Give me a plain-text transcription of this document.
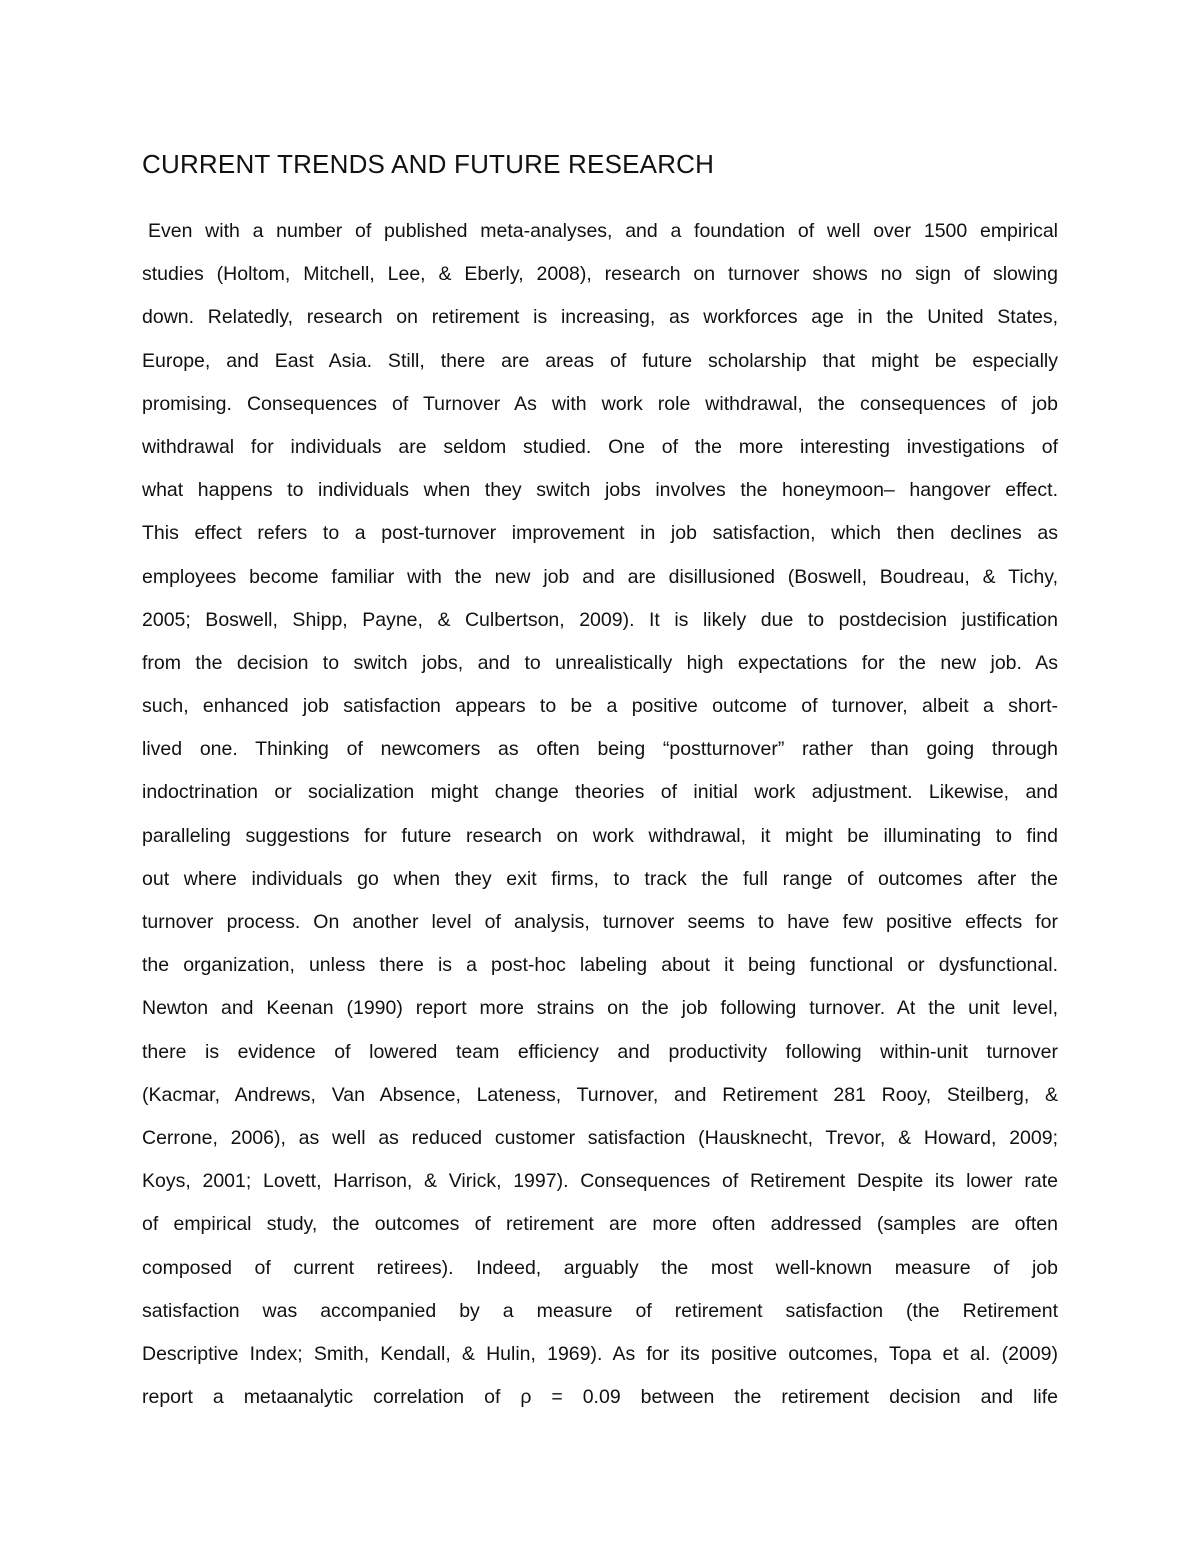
CURRENT TRENDS AND FUTURE RESEARCH
Even with a number of published meta-analyses, and a foundation of well over 1500 empirical
studies (Holtom, Mitchell, Lee, & Eberly, 2008), research on turnover shows no sign of slowing
down. Relatedly, research on retirement is increasing, as workforces age in the United States,
Europe, and East Asia. Still, there are areas of future scholarship that might be especially
promising. Consequences of Turnover As with work role withdrawal, the consequences of job
withdrawal for individuals are seldom studied. One of the more interesting investigations of
what happens to individuals when they switch jobs involves the honeymoon– hangover effect.
This effect refers to a post-turnover improvement in job satisfaction, which then declines as
employees become familiar with the new job and are disillusioned (Boswell, Boudreau, & Tichy,
2005; Boswell, Shipp, Payne, & Culbertson, 2009). It is likely due to postdecision justification
from the decision to switch jobs, and to unrealistically high expectations for the new job. As
such, enhanced job satisfaction appears to be a positive outcome of turnover, albeit a short-
lived one. Thinking of newcomers as often being “postturnover” rather than going through
indoctrination or socialization might change theories of initial work adjustment. Likewise, and
paralleling suggestions for future research on work withdrawal, it might be illuminating to find
out where individuals go when they exit firms, to track the full range of outcomes after the
turnover process. On another level of analysis, turnover seems to have few positive effects for
the organization, unless there is a post-hoc labeling about it being functional or dysfunctional.
Newton and Keenan (1990) report more strains on the job following turnover. At the unit level,
there is evidence of lowered team efficiency and productivity following within-unit turnover
(Kacmar, Andrews, Van Absence, Lateness, Turnover, and Retirement 281 Rooy, Steilberg, &
Cerrone, 2006), as well as reduced customer satisfaction (Hausknecht, Trevor, & Howard, 2009;
Koys, 2001; Lovett, Harrison, & Virick, 1997). Consequences of Retirement Despite its lower rate
of empirical study, the outcomes of retirement are more often addressed (samples are often
composed of current retirees). Indeed, arguably the most well-known measure of job
satisfaction was accompanied by a measure of retirement satisfaction (the Retirement
Descriptive Index; Smith, Kendall, & Hulin, 1969). As for its positive outcomes, Topa et al. (2009)
report a metaanalytic correlation of ρ = 0.09 between the retirement decision and life
